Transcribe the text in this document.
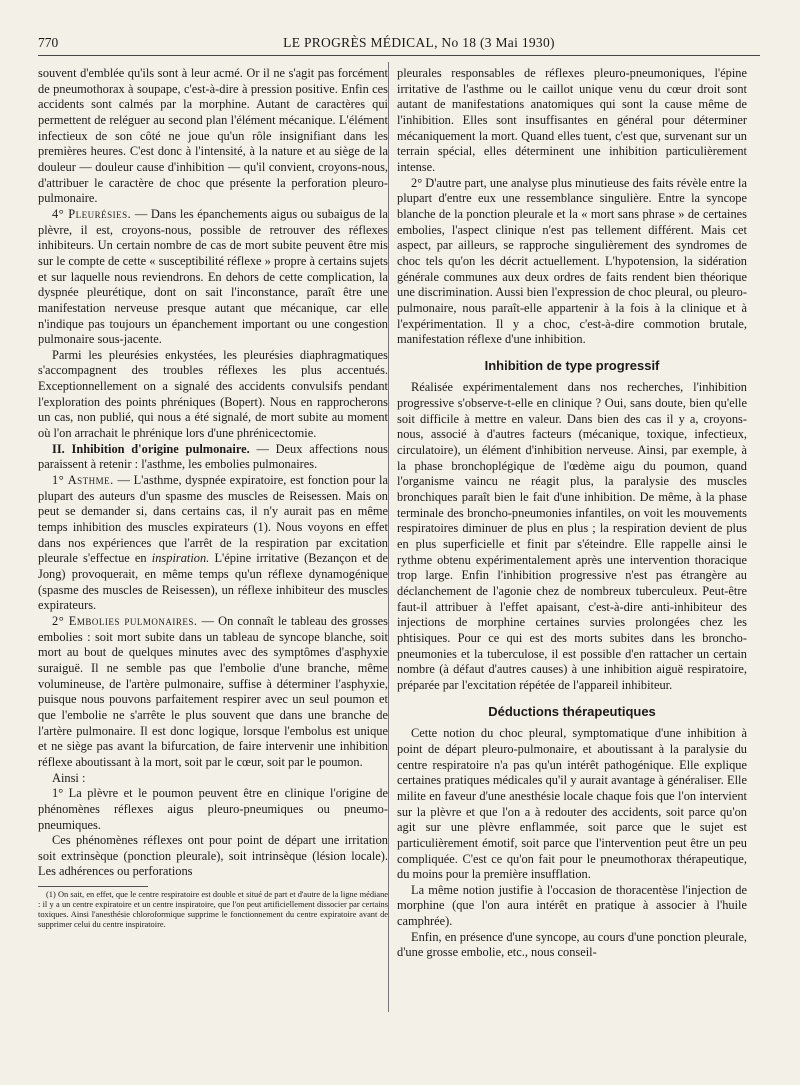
770	LE PROGRÈS MÉDICAL, No 18 (3 Mai 1930)

souvent d'emblée qu'ils sont à leur acmé. Or il ne s'agit pas forcément de pneumothorax à soupape, c'est-à-dire à pression positive. Enfin ces accidents sont calmés par la morphine. Autant de caractères qui permettent de reléguer au second plan l'élément mécanique. L'élément infectieux de son côté ne joue qu'un rôle insignifiant dans les premières heures. C'est donc à l'intensité, à la nature et au siège de la douleur — douleur cause d'inhibition — qu'il convient, croyons-nous, d'attribuer le caractère de choc que présente la perforation pleuro-pulmonaire.

4° Pleurésies. — Dans les épanchements aigus ou subaigus de la plèvre, il est, croyons-nous, possible de retrouver des réflexes inhibiteurs. Un certain nombre de cas de mort subite peuvent être mis sur le compte de cette « susceptibilité réflexe » propre à certains sujets et sur laquelle nous reviendrons. En dehors de cette complication, la dyspnée pleurétique, dont on sait l'inconstance, paraît être une manifestation nerveuse presque autant que mécanique, car elle n'indique pas toujours un épanchement important ou une congestion pulmonaire sous-jacente.

Parmi les pleurésies enkystées, les pleurésies diaphragmatiques s'accompagnent des troubles réflexes les plus accentués. Exceptionnellement on a signalé des accidents convulsifs pendant l'exploration des points phréniques (Bopert). Nous en rapprocherons un cas, non publié, qui nous a été signalé, de mort subite au moment où l'on arrachait le phrénique lors d'une phrénicectomie.

II. Inhibition d'origine pulmonaire. — Deux affections nous paraissent à retenir : l'asthme, les embolies pulmonaires.

1° Asthme. — L'asthme, dyspnée expiratoire, est fonction pour la plupart des auteurs d'un spasme des muscles de Reisessen. Mais on peut se demander si, dans certains cas, il n'y aurait pas en même temps inhibition des muscles expirateurs (1). Nous voyons en effet dans nos expériences que l'arrêt de la respiration par excitation pleurale s'effectue en inspiration. L'épine irritative (Bezançon et de Jong) provoquerait, en même temps qu'un réflexe dynamogénique (spasme des muscles de Reisessen), un réflexe inhibiteur des muscles expirateurs.

2° Embolies pulmonaires. — On connaît le tableau des grosses embolies : soit mort subite dans un tableau de syncope blanche, soit mort au bout de quelques minutes avec des symptômes d'asphyxie suraiguë. Il ne semble pas que l'embolie d'une branche, même volumineuse, de l'artère pulmonaire, suffise à déterminer l'asphyxie, puisque nous pouvons parfaitement respirer avec un seul poumon et que l'embolie ne s'arrête le plus souvent que dans une branche de l'artère pulmonaire. Il est donc logique, lorsque l'embolus est unique et ne siège pas avant la bifurcation, de faire intervenir une inhibition réflexe aboutissant à la mort, soit par le cœur, soit par le poumon.

Ainsi :

1° La plèvre et le poumon peuvent être en clinique l'origine de phénomènes réflexes aigus pleuro-pneumiques ou pneumo-pneumiques.

Ces phénomènes réflexes ont pour point de départ une irritation soit extrinsèque (ponction pleurale), soit intrinsèque (lésion locale). Les adhérences ou perforations

(1) On sait, en effet, que le centre respiratoire est double et situé de part et d'autre de la ligne médiane : il y a un centre expiratoire et un centre inspiratoire, que l'on peut artificiellement dissocier par certains toxiques. Ainsi l'anesthésie chloroformique supprime le fonctionnement du centre expiratoire avant de supprimer celui du centre inspiratoire.

pleurales responsables de réflexes pleuro-pneumoniques, l'épine irritative de l'asthme ou le caillot unique venu du cœur droit sont autant de manifestations anatomiques qui sont la cause même de l'inhibition. Elles sont insuffisantes en général pour déterminer mécaniquement la mort. Quand elles tuent, c'est que, survenant sur un terrain spécial, elles déterminent une inhibition particulièrement intense.

2° D'autre part, une analyse plus minutieuse des faits révèle entre la plupart d'entre eux une ressemblance singulière. Entre la syncope blanche de la ponction pleurale et la « mort sans phrase » de certaines embolies, l'aspect clinique n'est pas tellement différent. Mais cet aspect, par ailleurs, se rapproche singulièrement des syndromes de choc tels qu'on les décrit actuellement. L'hypotension, la sidération générale communes aux deux ordres de faits rendent bien théorique une discrimination. Aussi bien l'expression de choc pleural, ou pleuro-pulmonaire, nous paraît-elle appartenir à la fois à la clinique et à l'expérimentation. Il y a choc, c'est-à-dire commotion brutale, manifestation réflexe d'une inhibition.

Inhibition de type progressif

Réalisée expérimentalement dans nos recherches, l'inhibition progressive s'observe-t-elle en clinique ? Oui, sans doute, bien qu'elle soit difficile à mettre en valeur. Dans bien des cas il y a, croyons-nous, associé à d'autres facteurs (mécanique, toxique, infectieux, circulatoire), un élément d'inhibition nerveuse. Ainsi, par exemple, à la phase bronchoplégique de l'œdème aigu du poumon, quand l'organisme vaincu ne réagit plus, la paralysie des muscles bronchiques paraît bien le fait d'une inhibition. De même, à la phase terminale des broncho-pneumonies infantiles, on voit les mouvements respiratoires diminuer de plus en plus ; la respiration devient de plus en plus superficielle et finit par s'éteindre. Elle rappelle ainsi le rythme obtenu expérimentalement après une intervention thoracique trop large. Enfin l'inhibition progressive n'est pas étrangère au déclanchement de l'agonie chez de nombreux tuberculeux. Peut-être faut-il attribuer à l'effet apaisant, c'est-à-dire anti-inhibiteur des injections de morphine certaines survies prolongées chez les phtisiques. Pour ce qui est des morts subites dans les broncho-pneumonies et la tuberculose, il est possible d'en rattacher un certain nombre (à défaut d'autres causes) à une inhibition aiguë respiratoire, préparée par l'excitation répétée de l'appareil inhibiteur.

Déductions thérapeutiques

Cette notion du choc pleural, symptomatique d'une inhibition à point de départ pleuro-pulmonaire, et aboutissant à la paralysie du centre respiratoire n'a pas qu'un intérêt pathogénique. Elle explique certaines pratiques médicales qu'il y aurait avantage à généraliser. Elle milite en faveur d'une anesthésie locale chaque fois que l'on intervient sur la plèvre et que l'on a à redouter des accidents, soit parce qu'on agit sur une plèvre enflammée, soit parce que le sujet est particulièrement émotif, soit parce que l'intervention peut être un peu compliquée. C'est ce qu'on fait pour le pneumothorax thérapeutique, du moins pour la première insufflation.

La même notion justifie à l'occasion de thoracentèse l'injection de morphine (que l'on aura intérêt en pratique à associer à l'huile camphrée).

Enfin, en présence d'une syncope, au cours d'une ponction pleurale, d'une grosse embolie, etc., nous conseil-
